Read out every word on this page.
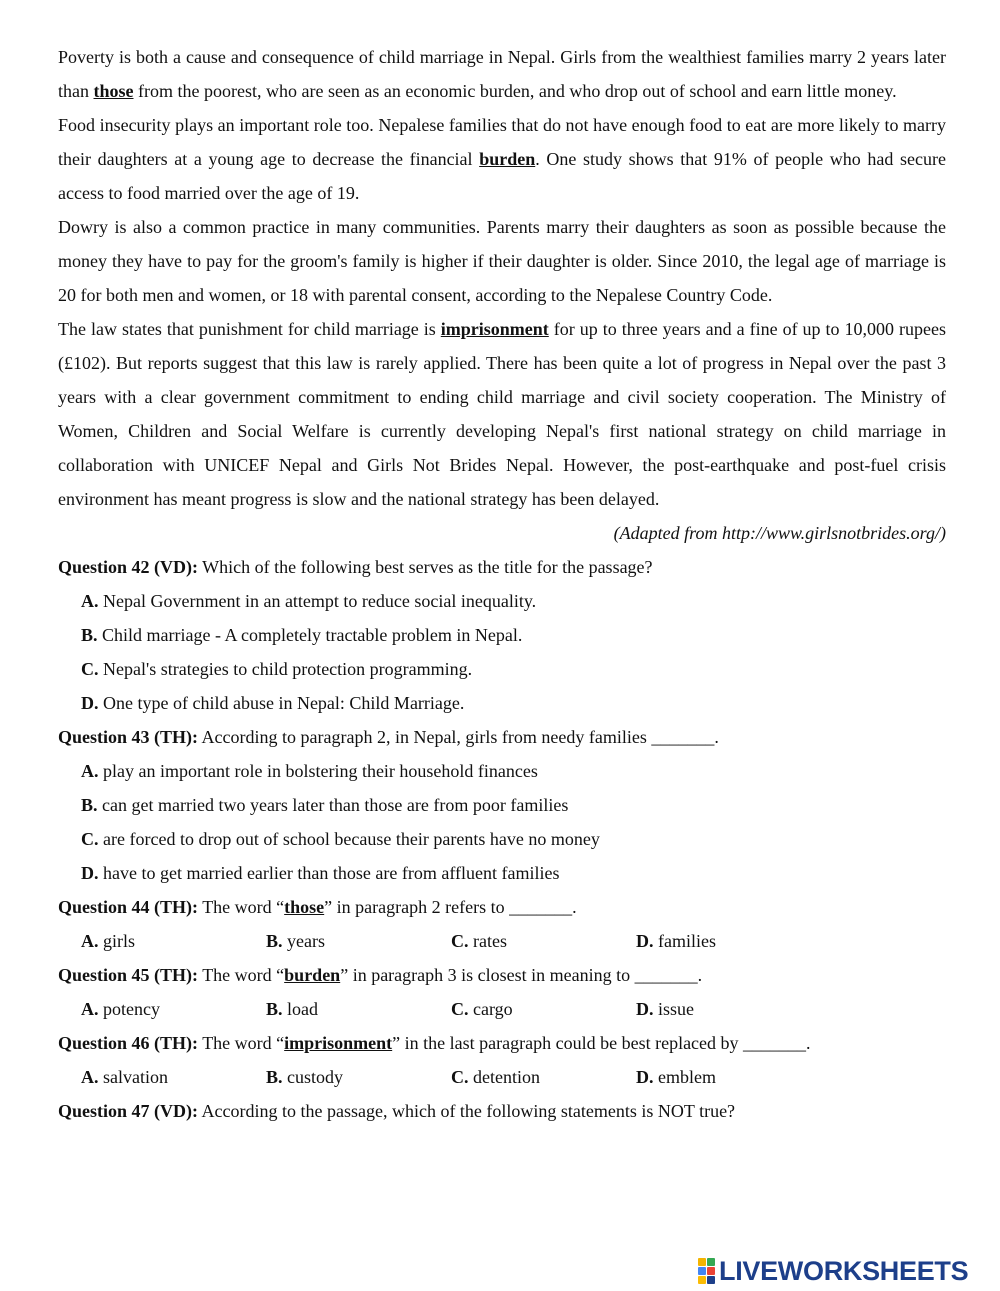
Poverty is both a cause and consequence of child marriage in Nepal. Girls from the wealthiest families marry 2 years later than those from the poorest, who are seen as an economic burden, and who drop out of school and earn little money.

Food insecurity plays an important role too. Nepalese families that do not have enough food to eat are more likely to marry their daughters at a young age to decrease the financial burden. One study shows that 91% of people who had secure access to food married over the age of 19.

Dowry is also a common practice in many communities. Parents marry their daughters as soon as possible because the money they have to pay for the groom's family is higher if their daughter is older. Since 2010, the legal age of marriage is 20 for both men and women, or 18 with parental consent, according to the Nepalese Country Code.

The law states that punishment for child marriage is imprisonment for up to three years and a fine of up to 10,000 rupees (£102). But reports suggest that this law is rarely applied. There has been quite a lot of progress in Nepal over the past 3 years with a clear government commitment to ending child marriage and civil society cooperation. The Ministry of Women, Children and Social Welfare is currently developing Nepal's first national strategy on child marriage in collaboration with UNICEF Nepal and Girls Not Brides Nepal. However, the post-earthquake and post-fuel crisis environment has meant progress is slow and the national strategy has been delayed.

(Adapted from http://www.girlsnotbrides.org/)
Question 42 (VD): Which of the following best serves as the title for the passage?
A. Nepal Government in an attempt to reduce social inequality.
B. Child marriage - A completely tractable problem in Nepal.
C. Nepal's strategies to child protection programming.
D. One type of child abuse in Nepal: Child Marriage.
Question 43 (TH): According to paragraph 2, in Nepal, girls from needy families _______.
A. play an important role in bolstering their household finances
B. can get married two years later than those are from poor families
C. are forced to drop out of school because their parents have no money
D. have to get married earlier than those are from affluent families
Question 44 (TH): The word “those” in paragraph 2 refers to _______.
A. girls	B. years	C. rates	D. families
Question 45 (TH): The word “burden” in paragraph 3 is closest in meaning to _______.
A. potency	B. load	C. cargo	D. issue
Question 46 (TH): The word “imprisonment” in the last paragraph could be best replaced by _______.
A. salvation	B. custody	C. detention	D. emblem
Question 47 (VD): According to the passage, which of the following statements is NOT true?
LIVEWORKSHEETS
